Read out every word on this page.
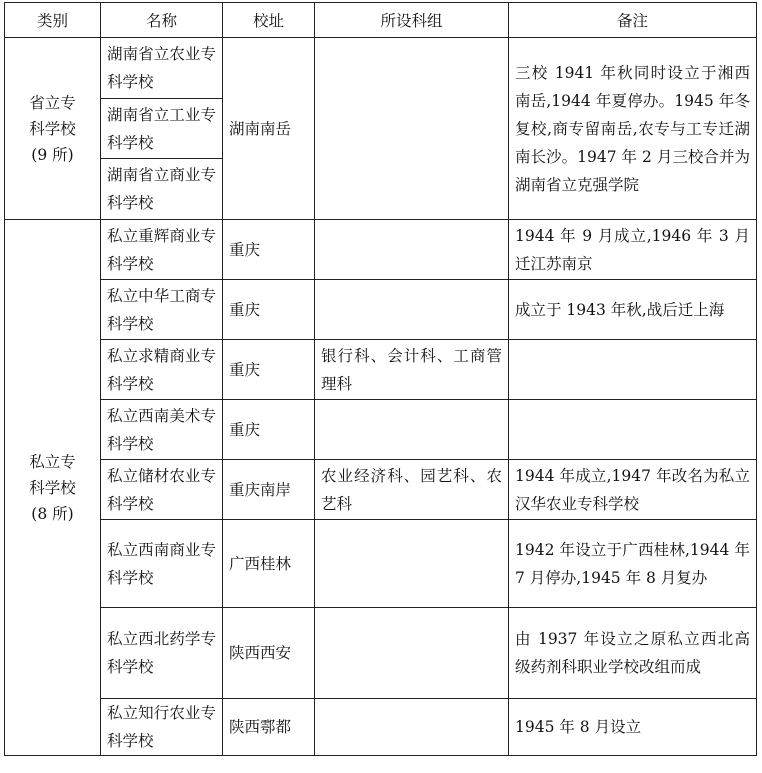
类别	名称	校址	所设科组	备注

省立专
科学校
(9 所)	湖南省立农业专科学校	湖南南岳		三校 1941 年秋同时设立于湘西南岳,1944 年夏停办。1945 年冬复校,商专留南岳,农专与工专迁湖南长沙。1947 年 2 月三校合并为湖南省立克强学院
	湖南省立工业专科学校			
	湖南省立商业专科学校			

私立专
科学校
(8 所)	私立重辉商业专科学校	重庆		1944 年 9 月成立,1946 年 3 月迁江苏南京
	私立中华工商专科学校	重庆		成立于 1943 年秋,战后迁上海
	私立求精商业专科学校	重庆	银行科、会计科、工商管理科	
	私立西南美术专科学校	重庆		
	私立储材农业专科学校	重庆南岸	农业经济科、园艺科、农艺科	1944 年成立,1947 年改名为私立汉华农业专科学校
	私立西南商业专科学校	广西桂林		1942 年设立于广西桂林,1944 年 7 月停办,1945 年 8 月复办
	私立西北药学专科学校	陕西西安		由 1937 年设立之原私立西北高级药剂科职业学校改组而成
	私立知行农业专科学校	陕西鄠都		1945 年 8 月设立
